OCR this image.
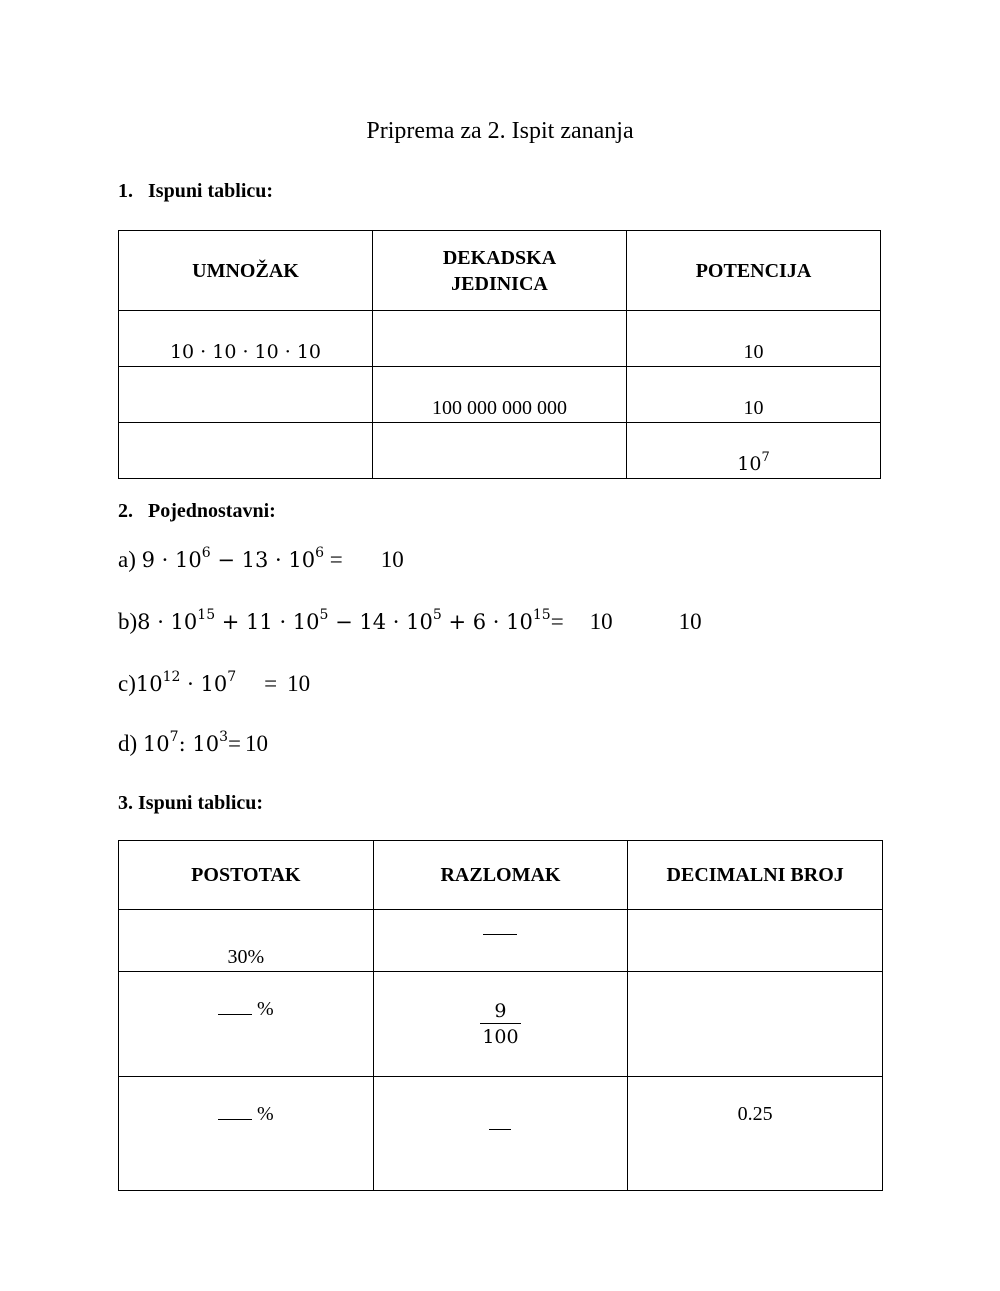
Priprema za 2. Ispit zananja
1. Ispuni tablicu:
UMNOŽAK	DEKADSKA JEDINICA	POTENCIJA
10 · 10 · 10 · 10		10
	100 000 000 000	10
		$10^7$
2. Pojednostavni:
a) $9 \cdot 10^6 - 13 \cdot 10^6 = 10$
$b)8 \cdot 10^{15} + 11 \cdot 10^5 - 14 \cdot 10^5 + 6 \cdot 10^{15}= 10$	10
$c)10^{12} \cdot 10^7 = 10$
d) $10^7$: $10^3= 10$
3. Ispuni tablicu:
POSTOTAK	RAZLOMAK	DECIMALNI BROJ
30%		
%	$\frac{9}{100}$

%		0.25
